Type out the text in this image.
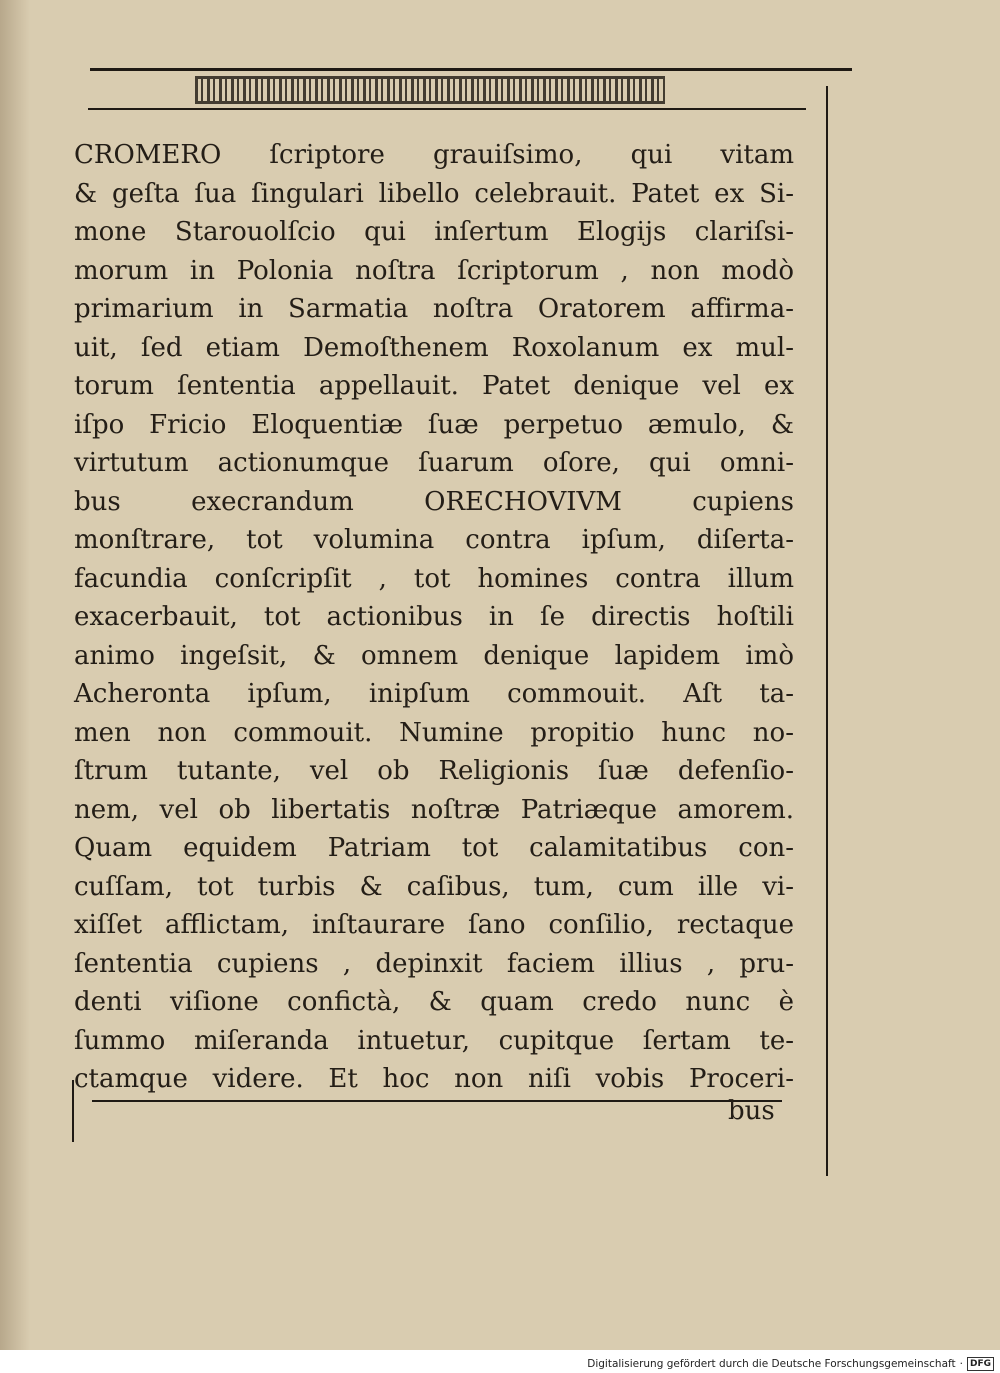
CROMERO ſcriptore grauiſsimo, qui vitam
& geſta ſua ſingulari libello celebrauit. Patet ex Si-
mone Starouolſcio qui inſertum Elogijs clariſsi-
morum in Polonia noſtra ſcriptorum , non modò
primarium in Sarmatia noſtra Oratorem affirma-
uit, ſed etiam Demoſthenem Roxolanum ex mul-
torum ſententia appellauit. Patet denique vel ex
iſpo Fricio Eloquentiæ ſuæ perpetuo æmulo, &
virtutum actionumque ſuarum oſore, qui omni-
bus execrandum ORECHOVIVM cupiens
monſtrare, tot volumina contra ipſum, diſerta-
facundia conſcripſit , tot homines contra illum
exacerbauit, tot actionibus in ſe directis hoſtili
animo ingeſsit, & omnem denique lapidem imò
Acheronta ipſum, inipſum commouit. Aſt ta-
men non commouit. Numine propitio hunc no-
ſtrum tutante, vel ob Religionis ſuæ defenſio-
nem, vel ob libertatis noſtræ Patriæque amorem.
Quam equidem Patriam tot calamitatibus con-
cuſſam, tot turbis & caſibus, tum, cum ille vi-
xiſſet afflictam, inſtaurare ſano conſilio, rectaque
ſententia cupiens , depinxit faciem illius , pru-
denti viſione confictà, & quam credo nunc è
ſummo miſeranda intuetur, cupitque ſertam te-
ctamque videre. Et hoc non niſi vobis Proceri-
bus
Digitalisierung gefördert durch die Deutsche Forschungsgemeinschaft · DFG
